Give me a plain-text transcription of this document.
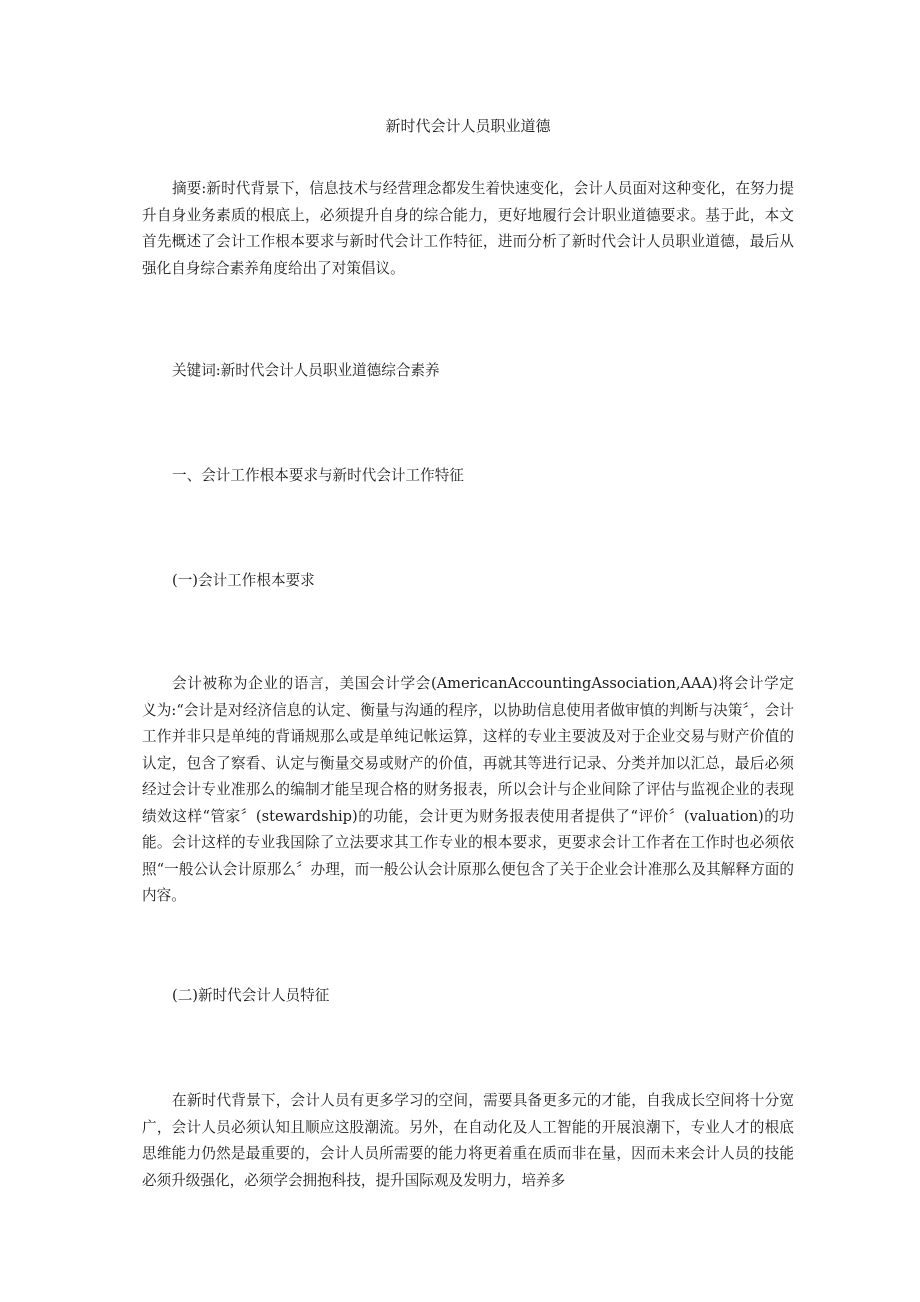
新时代会计人员职业道德

摘要:新时代背景下，信息技术与经营理念都发生着快速变化，会计人员面对这种变化，在努力提升自身业务素质的根底上，必须提升自身的综合能力，更好地履行会计职业道德要求。基于此，本文首先概述了会计工作根本要求与新时代会计工作特征，进而分析了新时代会计人员职业道德，最后从强化自身综合素养角度给出了对策倡议。

关键词:新时代会计人员职业道德综合素养

一、会计工作根本要求与新时代会计工作特征

(一)会计工作根本要求

会计被称为企业的语言，美国会计学会(AmericanAccountingAssociation,AAA)将会计学定义为:“会计是对经济信息的认定、衡量与沟通的程序，以协助信息使用者做审慎的判断与决策〞，会计工作并非只是单纯的背诵规那么或是单纯记帐运算，这样的专业主要波及对于企业交易与财产价值的认定，包含了察看、认定与衡量交易或财产的价值，再就其等进行记录、分类并加以汇总，最后必须经过会计专业准那么的编制才能呈现合格的财务报表，所以会计与企业间除了评估与监视企业的表现绩效这样“管家〞(stewardship)的功能，会计更为财务报表使用者提供了“评价〞(valuation)的功能。会计这样的专业我国除了立法要求其工作专业的根本要求，更要求会计工作者在工作时也必须依照“一般公认会计原那么〞办理，而一般公认会计原那么便包含了关于企业会计准那么及其解释方面的内容。

(二)新时代会计人员特征

在新时代背景下，会计人员有更多学习的空间，需要具备更多元的才能，自我成长空间将十分宽广，会计人员必须认知且顺应这股潮流。另外，在自动化及人工智能的开展浪潮下，专业人才的根底思维能力仍然是最重要的，会计人员所需要的能力将更着重在质而非在量，因而未来会计人员的技能必须升级强化，必须学会拥抱科技，提升国际观及发明力，培养多
